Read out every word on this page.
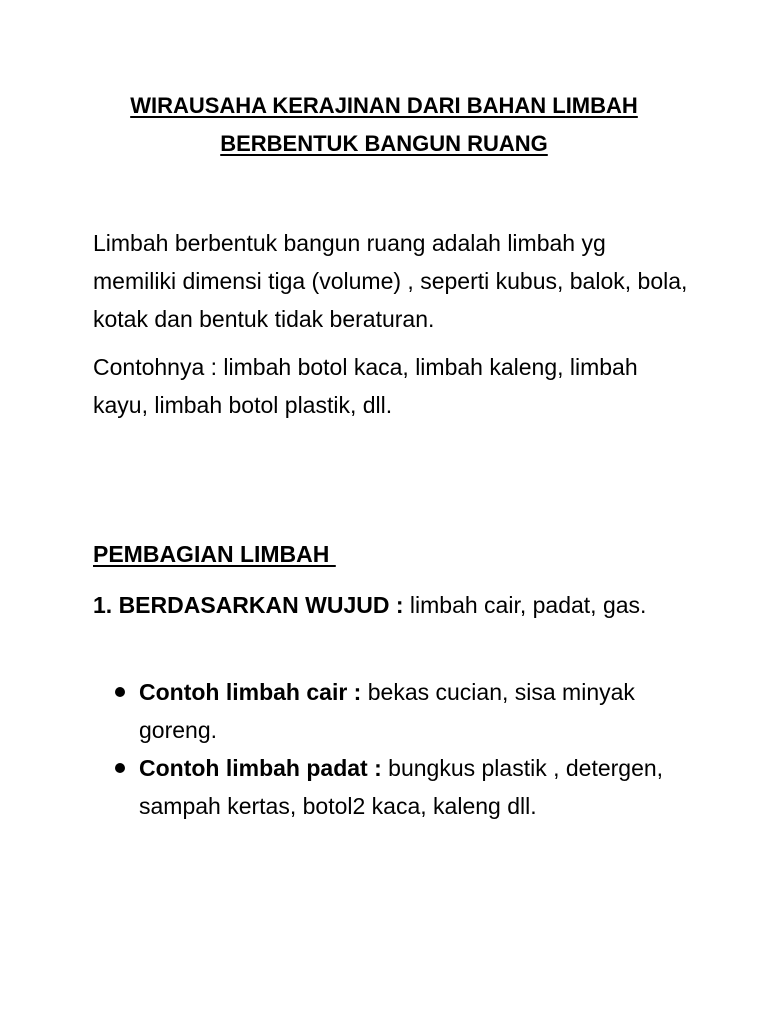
WIRAUSAHA KERAJINAN DARI BAHAN LIMBAH
BERBENTUK BANGUN RUANG
Limbah berbentuk bangun ruang adalah limbah yg memiliki dimensi tiga (volume) , seperti kubus, balok, bola, kotak dan bentuk tidak beraturan.
Contohnya : limbah botol kaca, limbah kaleng, limbah kayu, limbah botol plastik, dll.
PEMBAGIAN LIMBAH
1. BERDASARKAN WUJUD : limbah cair, padat, gas.
Contoh limbah cair : bekas cucian, sisa minyak goreng.
Contoh limbah padat : bungkus plastik , detergen, sampah kertas, botol2 kaca, kaleng dll.
